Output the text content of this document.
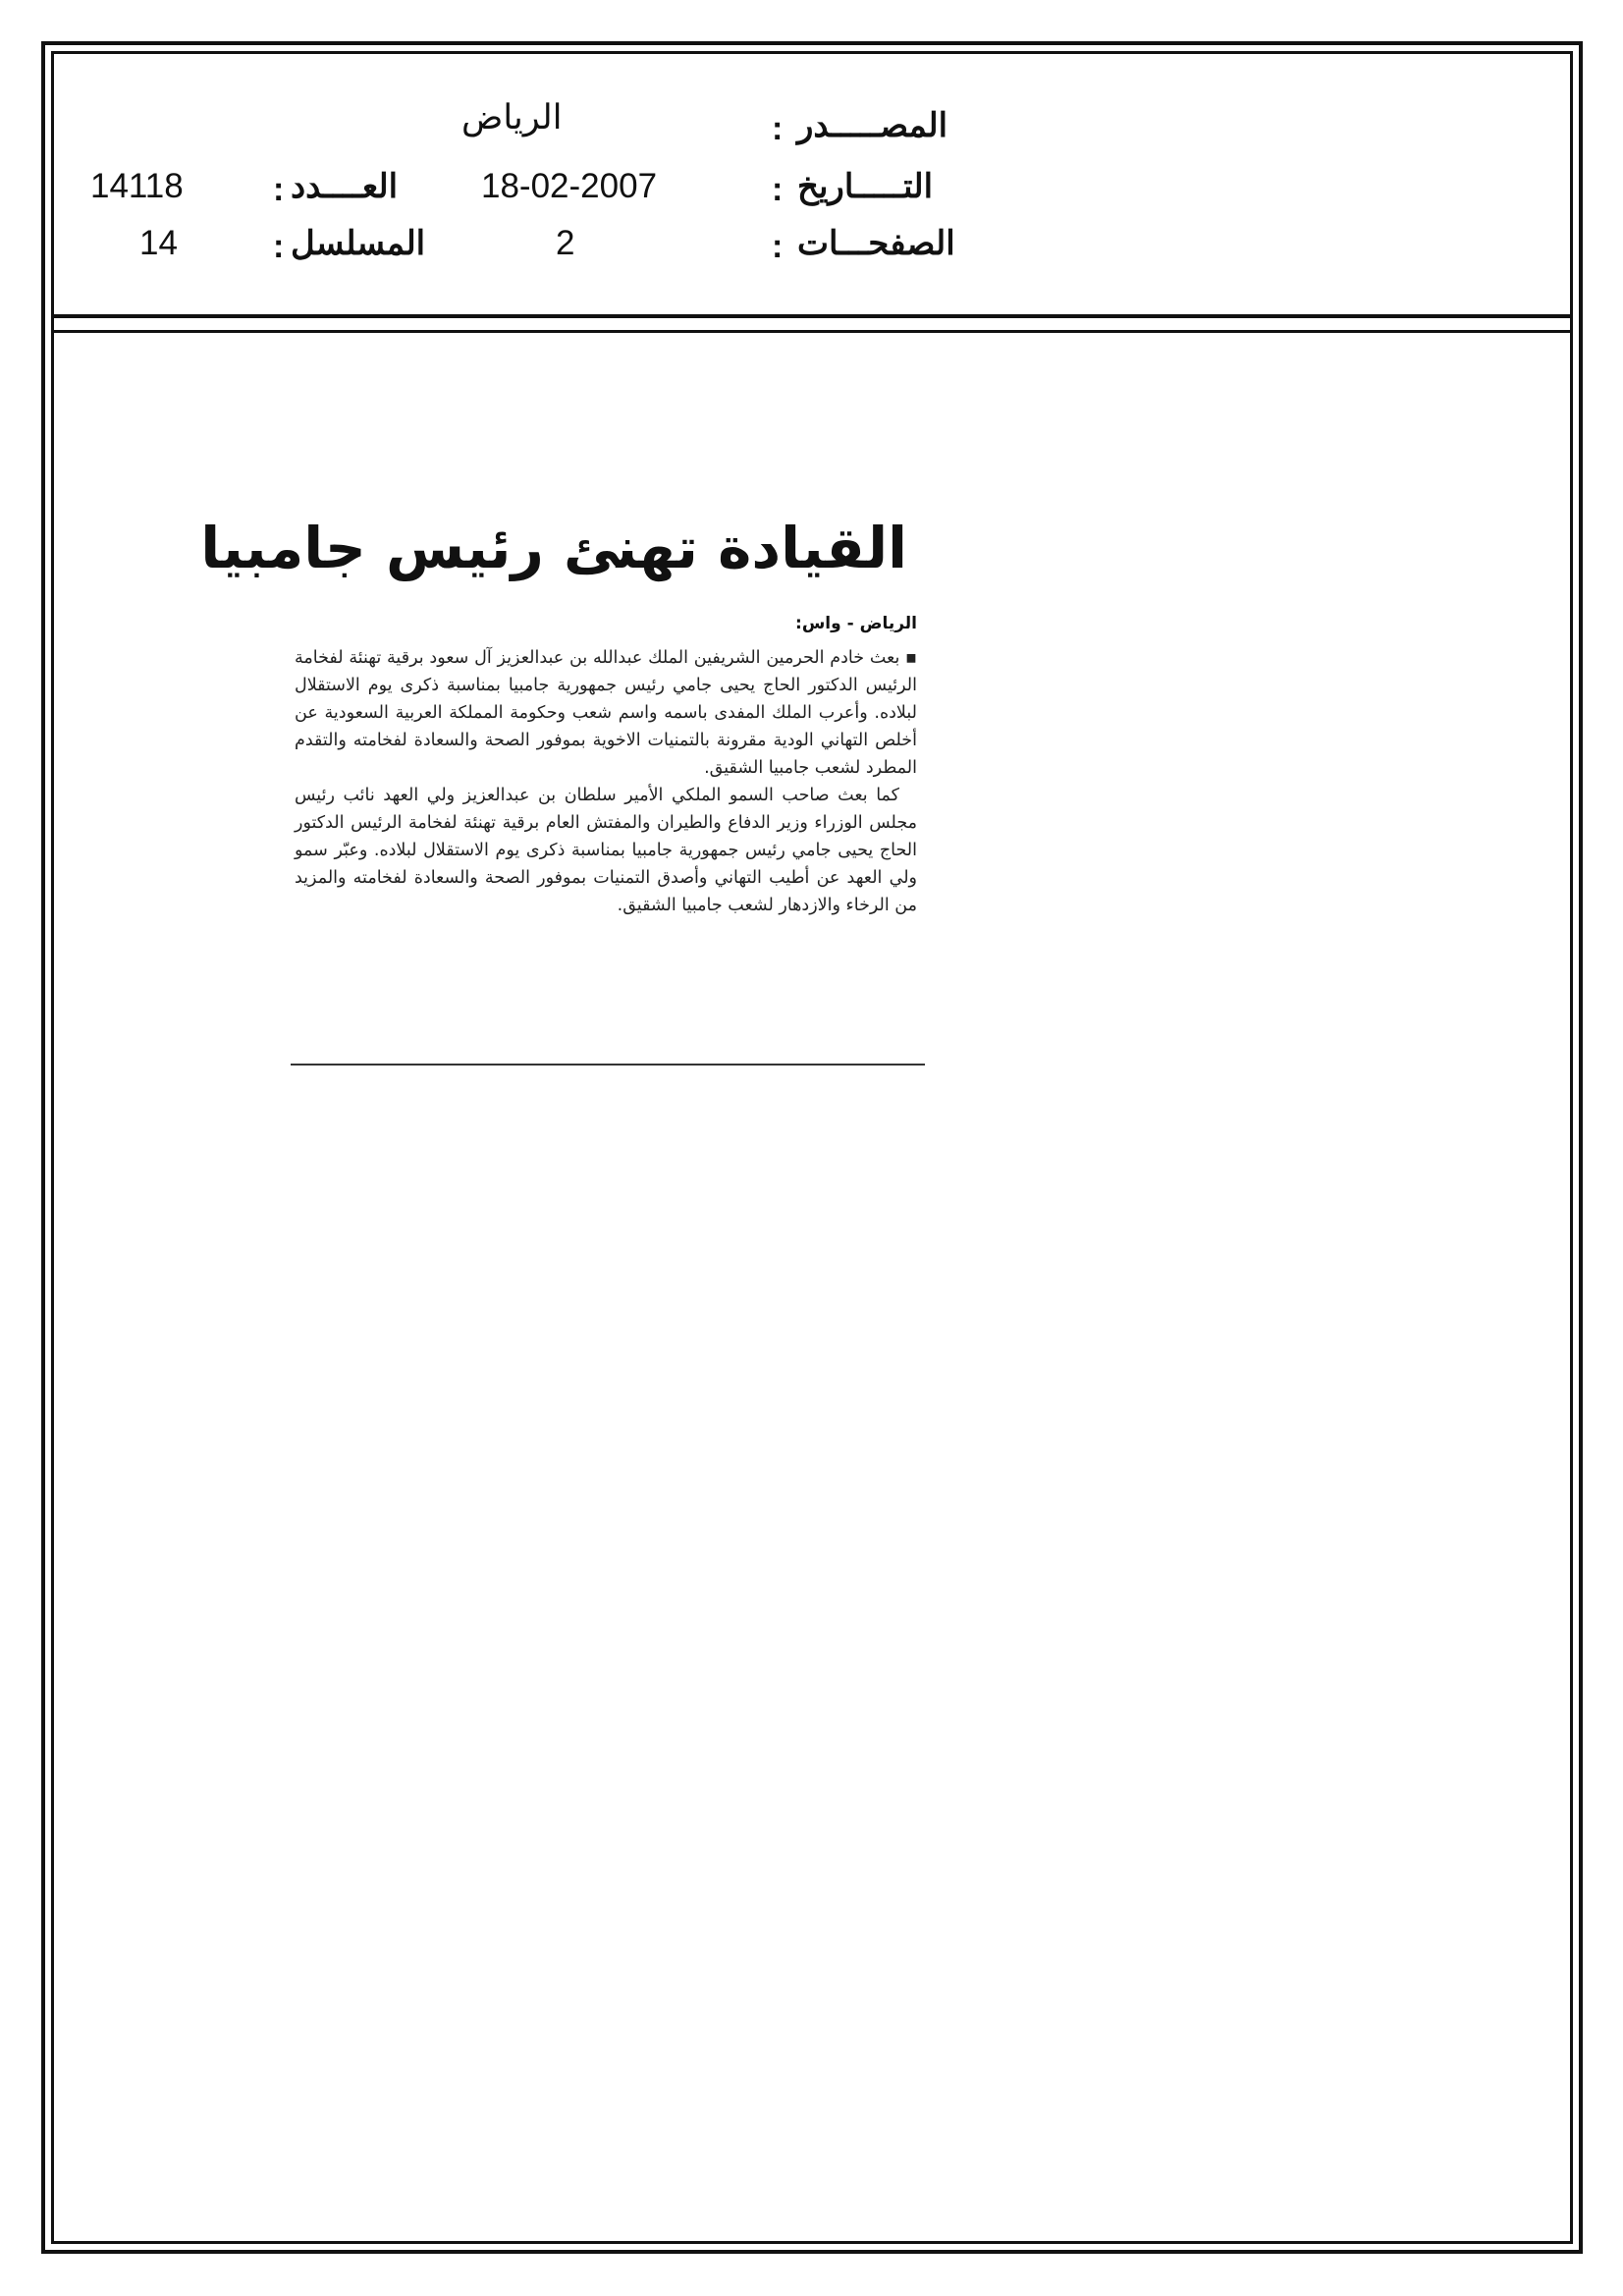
المصـــــدر
:
الرياض
التـــــاريخ
:
18-02-2007
العــــدد
:
14118
الصفحـــات
:
2
المسلسل
:
14
القيادة تهنئ رئيس جامبيا
الرياض - واس:

▪ بعث خادم الحرمين الشريفين الملك عبدالله بن عبدالعزيز آل سعود برقية تهنئة لفخامة الرئيس الدكتور الحاج يحيى جامي رئيس جمهورية جامبيا بمناسبة ذكرى يوم الاستقلال لبلاده. وأعرب الملك المفدى باسمه واسم شعب وحكومة المملكة العربية السعودية عن أخلص التهاني الودية مقرونة بالتمنيات الاخوية بموفور الصحة والسعادة لفخامته والتقدم المطرد لشعب جامبيا الشقيق.

كما بعث صاحب السمو الملكي الأمير سلطان بن عبدالعزيز ولي العهد نائب رئيس مجلس الوزراء وزير الدفاع والطيران والمفتش العام برقية تهنئة لفخامة الرئيس الدكتور الحاج يحيى جامي رئيس جمهورية جامبيا بمناسبة ذكرى يوم الاستقلال لبلاده. وعبّر سمو ولي العهد عن أطيب التهاني وأصدق التمنيات بموفور الصحة والسعادة لفخامته والمزيد من الرخاء والازدهار لشعب جامبيا الشقيق.
